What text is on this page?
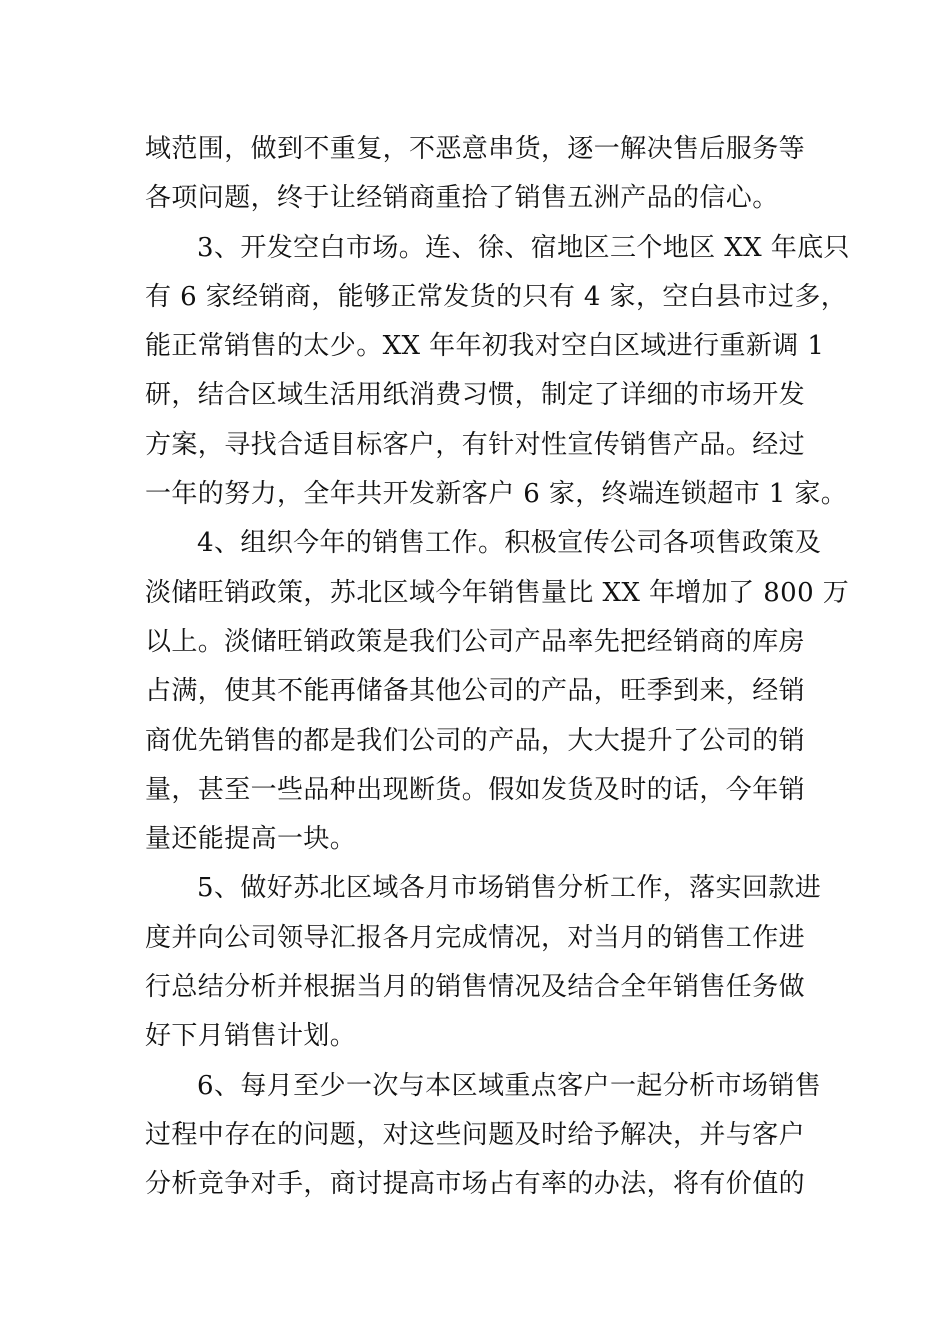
域范围，做到不重复，不恶意串货，逐一解决售后服务等
各项问题，终于让经销商重拾了销售五洲产品的信心。
3、开发空白市场。连、徐、宿地区三个地区 XX 年底只
有 6 家经销商，能够正常发货的只有 4 家，空白县市过多，
能正常销售的太少。XX 年年初我对空白区域进行重新调 1
研，结合区域生活用纸消费习惯，制定了详细的市场开发
方案，寻找合适目标客户，有针对性宣传销售产品。经过
一年的努力，全年共开发新客户 6 家，终端连锁超市 1 家。
4、组织今年的销售工作。积极宣传公司各项售政策及
淡储旺销政策，苏北区域今年销售量比 XX 年增加了 800 万
以上。淡储旺销政策是我们公司产品率先把经销商的库房
占满，使其不能再储备其他公司的产品，旺季到来，经销
商优先销售的都是我们公司的产品，大大提升了公司的销
量，甚至一些品种出现断货。假如发货及时的话，今年销
量还能提高一块。
5、做好苏北区域各月市场销售分析工作，落实回款进
度并向公司领导汇报各月完成情况，对当月的销售工作进
行总结分析并根据当月的销售情况及结合全年销售任务做
好下月销售计划。
6、每月至少一次与本区域重点客户一起分析市场销售
过程中存在的问题，对这些问题及时给予解决，并与客户
分析竞争对手，商讨提高市场占有率的办法，将有价值的
